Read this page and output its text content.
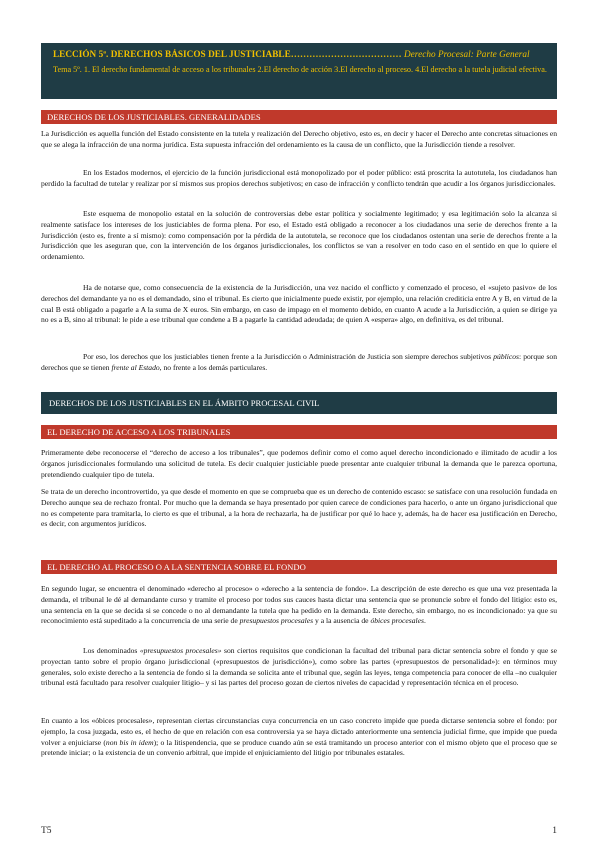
LECCIÓN 5ª. DERECHOS BÁSICOS DEL JUSTICIABLE……………………………… Derecho Procesal: Parte General
Tema 5º. 1. El derecho fundamental de acceso a los tribunales 2.El derecho de acción 3.El derecho al proceso. 4.El derecho a la tutela judicial efectiva.
DERECHOS DE LOS JUSTICIABLES. GENERALIDADES

La Jurisdicción es aquella función del Estado consistente en la tutela y realización del Derecho objetivo, esto es, en decir y hacer el Derecho ante concretas situaciones en que se alega la infracción de una norma jurídica. Esta supuesta infracción del ordenamiento es la causa de un conflicto, que la Jurisdicción tiende a resolver.

En los Estados modernos, el ejercicio de la función jurisdiccional está monopolizado por el poder público: está proscrita la autotutela, los ciudadanos han perdido la facultad de tutelar y realizar por sí mismos sus propios derechos subjetivos; en caso de infracción y conflicto tendrán que acudir a los órganos jurisdiccionales.

Este esquema de monopolio estatal en la solución de controversias debe estar política y socialmente legitimado; y esa legitimación solo la alcanza si realmente satisface los intereses de los justiciables de forma plena. Por eso, el Estado está obligado a reconocer a los ciudadanos una serie de derechos frente a la Jurisdicción (esto es, frente a sí mismo): como compensación por la pérdida de la autotutela, se reconoce que los ciudadanos ostentan una serie de derechos frente a la Jurisdicción que les aseguran que, con la intervención de los órganos jurisdiccionales, los conflictos se van a resolver en todo caso en el sentido en que lo quiere el ordenamiento.

Ha de notarse que, como consecuencia de la existencia de la Jurisdicción, una vez nacido el conflicto y comenzado el proceso, el «sujeto pasivo» de los derechos del demandante ya no es el demandado, sino el tribunal. Es cierto que inicialmente puede existir, por ejemplo, una relación crediticia entre A y B, en virtud de la cual B está obligado a pagarle a A la suma de X euros. Sin embargo, en caso de impago en el momento debido, en cuanto A acude a la Jurisdicción, a quien se dirige ya no es a B, sino al tribunal: le pide a ese tribunal que condene a B a pagarle la cantidad adeudada; de quien A «espera» algo, en definitiva, es del tribunal.

Por eso, los derechos que los justiciables tienen frente a la Jurisdicción o Administración de Justicia son siempre derechos subjetivos públicos: porque son derechos que se tienen frente al Estado, no frente a los demás particulares.

DERECHOS DE LOS JUSTICIABLES EN EL ÁMBITO PROCESAL CIVIL
EL DERECHO DE ACCESO A LOS TRIBUNALES

Primeramente debe reconocerse el “derecho de acceso a los tribunales”, que podemos definir como el como aquel derecho incondicionado e ilimitado de acudir a los órganos jurisdiccionales formulando una solicitud de tutela. Es decir cualquier justiciable puede presentar ante cualquier tribunal la demanda que le parezca oportuna, pretendiendo cualquier tipo de tutela.

Se trata de un derecho incontrovertido, ya que desde el momento en que se comprueba que es un derecho de contenido escaso: se satisface con una resolución fundada en Derecho aunque sea de rechazo frontal. Por mucho que la demanda se haya presentado por quien carece de condiciones para hacerlo, o ante un órgano jurisdiccional que no es competente para tramitarla, lo cierto es que el tribunal, a la hora de rechazarla, ha de justificar por qué lo hace y, además, ha de hacer esa justificación en Derecho, es decir, con argumentos jurídicos.

EL DERECHO AL PROCESO O A LA SENTENCIA SOBRE EL FONDO

En segundo lugar, se encuentra el denominado «derecho al proceso» o «derecho a la sentencia de fondo». La descripción de este derecho es que una vez presentada la demanda, el tribunal le dé al demandante curso y tramite el proceso por todos sus cauces hasta dictar una sentencia que se pronuncie sobre el fondo del litigio: esto es, una sentencia en la que se decida si se concede o no al demandante la tutela que ha pedido en la demanda. Este derecho, sin embargo, no es incondicionado: ya que su reconocimiento está supeditado a la concurrencia de una serie de presupuestos procesales y a la ausencia de óbices procesales.

Los denominados «presupuestos procesales» son ciertos requisitos que condicionan la facultad del tribunal para dictar sentencia sobre el fondo y que se proyectan tanto sobre el propio órgano jurisdiccional («presupuestos de jurisdicción»), como sobre las partes («presupuestos de personalidad»): en términos muy generales, solo existe derecho a la sentencia de fondo si la demanda se solicita ante el tribunal que, según las leyes, tenga competencia para conocer de ella –no cualquier tribunal está facultado para resolver cualquier litigio– y si las partes del proceso gozan de ciertos niveles de capacidad y representación técnica en el proceso.

En cuanto a los «óbices procesales», representan ciertas circunstancias cuya concurrencia en un caso concreto impide que pueda dictarse sentencia sobre el fondo: por ejemplo, la cosa juzgada, esto es, el hecho de que en relación con esa controversia ya se haya dictado anteriormente una sentencia judicial firme, que impide que pueda volver a enjuiciarse (non bis in idem); o la litispendencia, que se produce cuando aún se está tramitando un proceso anterior con el mismo objeto que el proceso que se pretende iniciar; o la existencia de un convenio arbitral, que impide el enjuiciamiento del litigio por tribunales estatales.

T5	1
